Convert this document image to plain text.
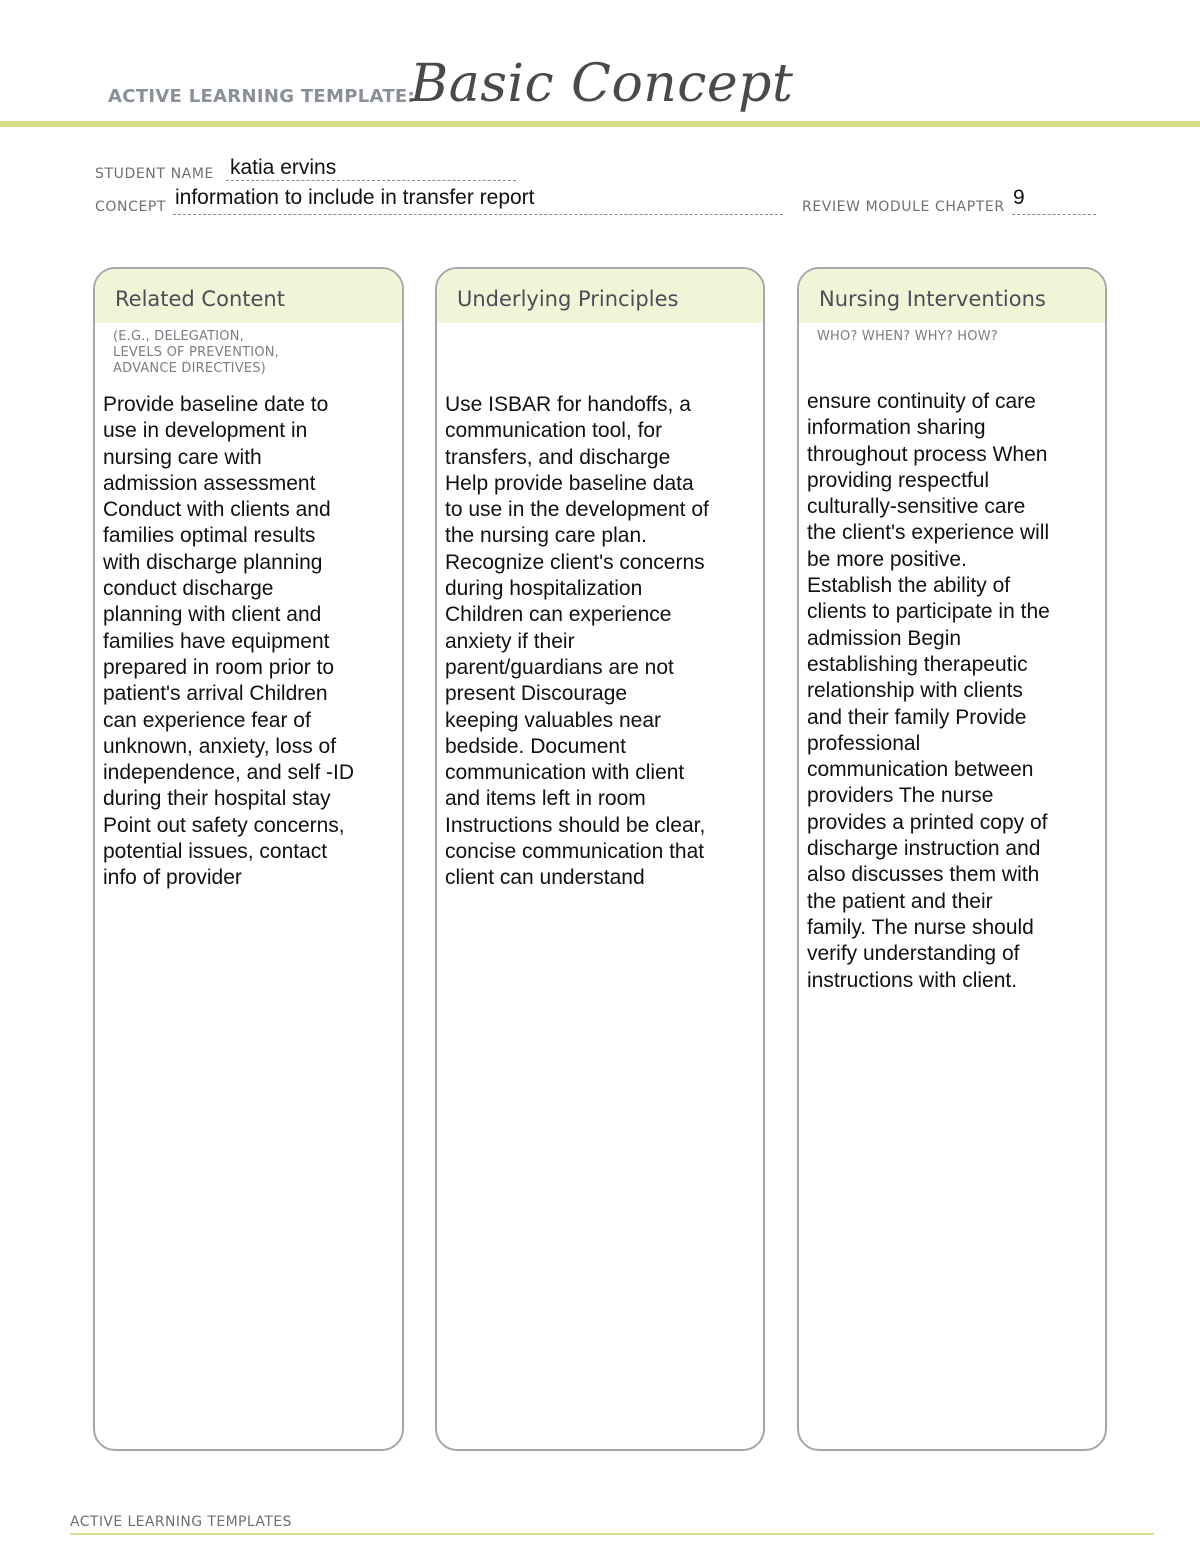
ACTIVE LEARNING TEMPLATE:
Basic Concept
STUDENT NAME katia ervins
CONCEPT information to include in transfer report	REVIEW MODULE CHAPTER 9
Related Content
(E.G., DELEGATION,
LEVELS OF PREVENTION,
ADVANCE DIRECTIVES)
Provide baseline date to
use in development in
nursing care with
admission assessment
Conduct with clients and
families optimal results
with discharge planning
conduct discharge
planning with client and
families have equipment
prepared in room prior to
patient's arrival Children
can experience fear of
unknown, anxiety, loss of
independence, and self -ID
during their hospital stay
Point out safety concerns,
potential issues, contact
info of provider
Underlying Principles
Use ISBAR for handoffs, a
communication tool, for
transfers, and discharge
Help provide baseline data
to use in the development of
the nursing care plan.
Recognize client's concerns
during hospitalization
Children can experience
anxiety if their
parent/guardians are not
present Discourage
keeping valuables near
bedside. Document
communication with client
and items left in room
Instructions should be clear,
concise communication that
client can understand
Nursing Interventions
WHO? WHEN? WHY? HOW?
ensure continuity of care
information sharing
throughout process When
providing respectful
culturally-sensitive care
the client's experience will
be more positive.
Establish the ability of
clients to participate in the
admission Begin
establishing therapeutic
relationship with clients
and their family Provide
professional
communication between
providers The nurse
provides a printed copy of
discharge instruction and
also discusses them with
the patient and their
family. The nurse should
verify understanding of
instructions with client.
ACTIVE LEARNING TEMPLATES
